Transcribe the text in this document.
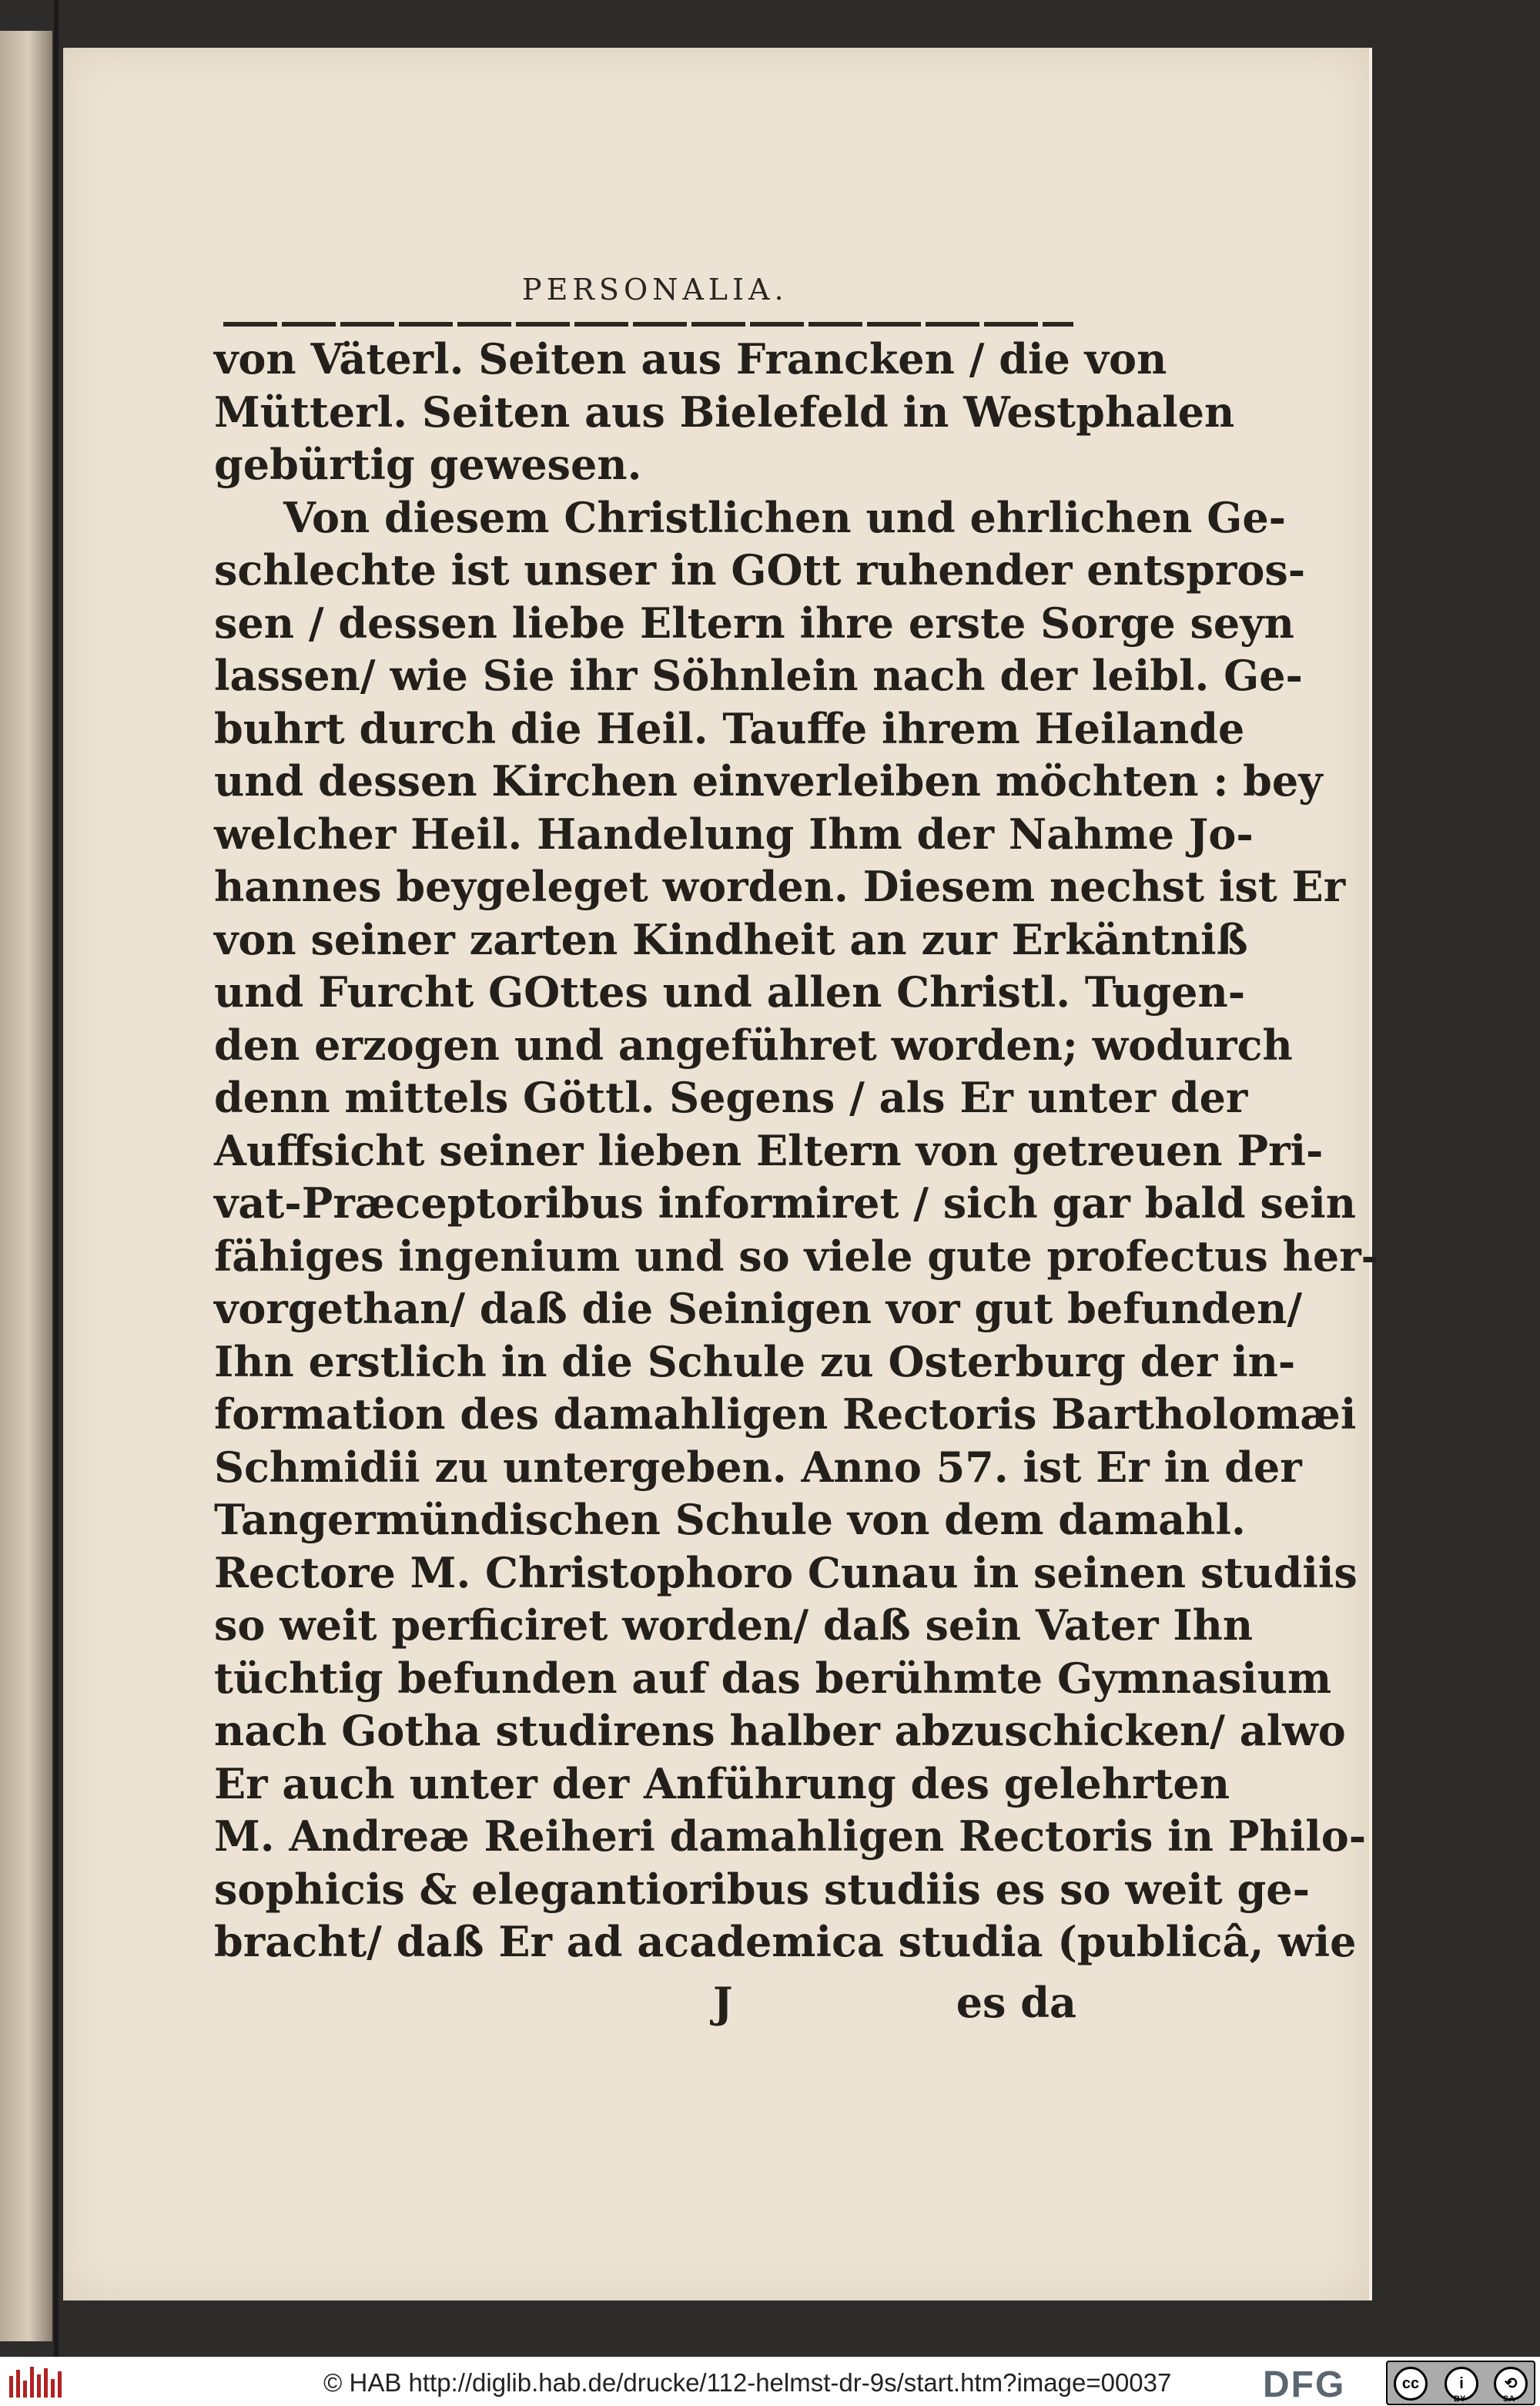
PERSONALIA.
von Väterl. Seiten aus Francken / die von
Mütterl. Seiten aus Bielefeld in Westphalen
gebürtig gewesen.
Von diesem Christlichen und ehrlichen Ge-
schlechte ist unser in GOtt ruhender entspros-
sen / dessen liebe Eltern ihre erste Sorge seyn
lassen/ wie Sie ihr Söhnlein nach der leibl. Ge-
buhrt durch die Heil. Tauffe ihrem Heilande
und dessen Kirchen einverleiben möchten : bey
welcher Heil. Handelung Ihm der Nahme Jo-
hannes beygeleget worden. Diesem nechst ist Er
von seiner zarten Kindheit an zur Erkäntniß
und Furcht GOttes und allen Christl. Tugen-
den erzogen und angeführet worden; wodurch
denn mittels Göttl. Segens / als Er unter der
Auffsicht seiner lieben Eltern von getreuen Pri-
vat-Præceptoribus informiret / sich gar bald sein
fähiges ingenium und so viele gute profectus her-
vorgethan/ daß die Seinigen vor gut befunden/
Ihn erstlich in die Schule zu Osterburg der in-
formation des damahligen Rectoris Bartholomæi
Schmidii zu untergeben. Anno 57. ist Er in der
Tangermündischen Schule von dem damahl.
Rectore M. Christophoro Cunau in seinen studiis
so weit perficiret worden/ daß sein Vater Ihn
tüchtig befunden auf das berühmte Gymnasium
nach Gotha studirens halber abzuschicken/ alwo
Er auch unter der Anführung des gelehrten
M. Andreæ Reiheri damahligen Rectoris in Philo-
sophicis & elegantioribus studiis es so weit ge-
bracht/ daß Er ad academica studia (publicâ, wie
J	es da
© HAB http://diglib.hab.de/drucke/112-helmst-dr-9s/start.htm?image=00037 DFG	cc	i	⟲
BY	SA
